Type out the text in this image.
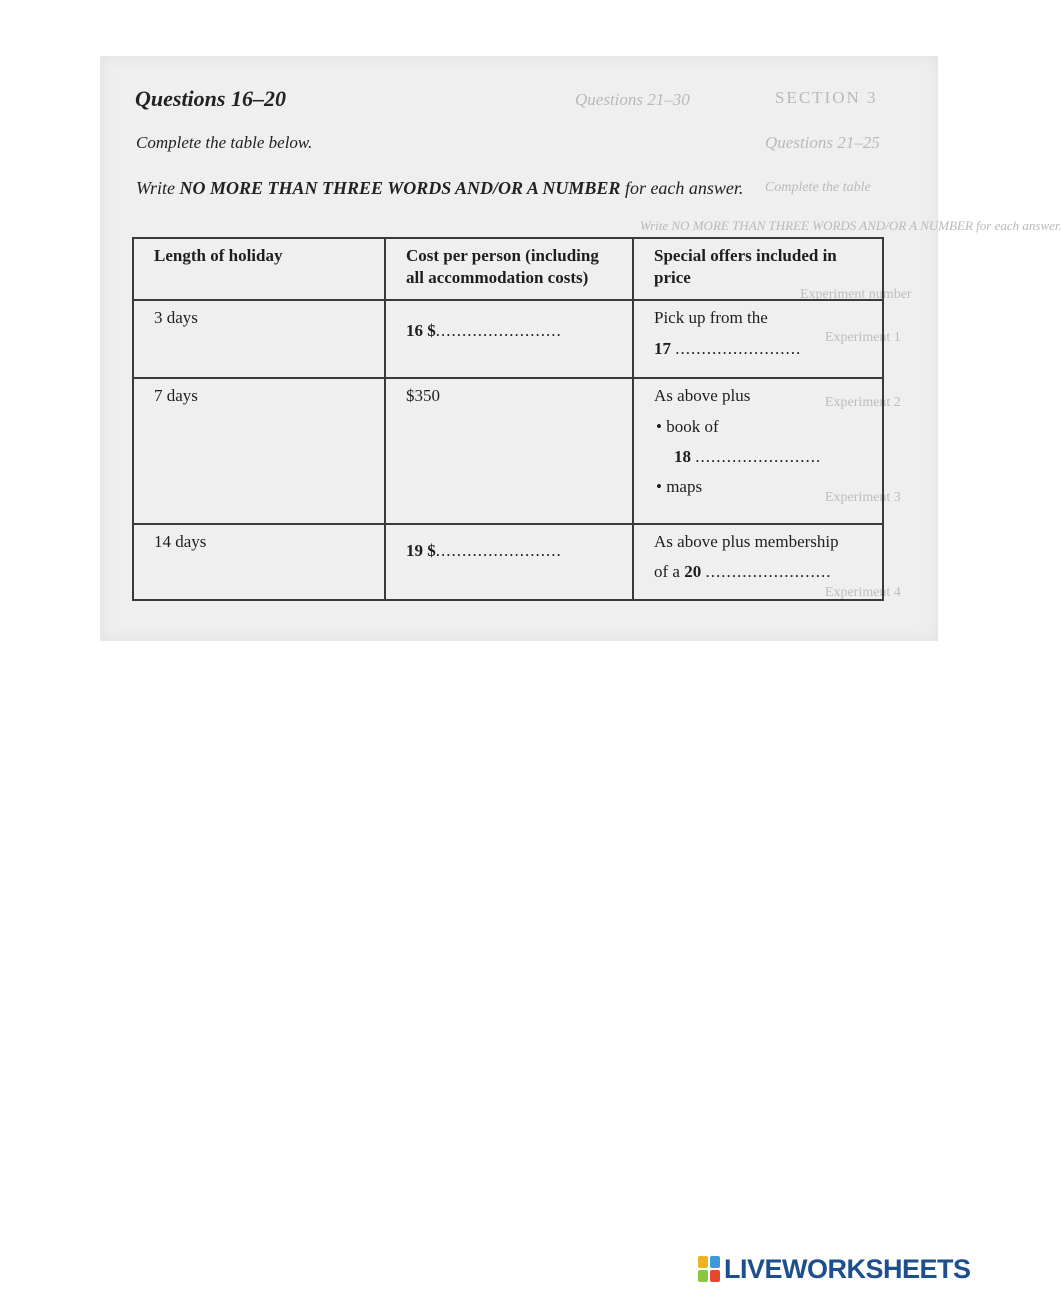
SECTION 3
Questions 21–30
Questions 21–25
Complete the table
Write NO MORE THAN THREE WORDS AND/OR A NUMBER for each answer.
Experiment number
Experiment 1
Experiment 2
Experiment 3
Experiment 4
Questions 16–20
Complete the table below.
Write NO MORE THAN THREE WORDS AND/OR A NUMBER for each answer.
Length of holiday	Cost per person (including all accommodation costs)	Special offers included in price

3 days	16 $........................	Pick up from the
17 ........................

7 days	$350	As above plus
• book of
18 ........................
• maps

14 days	19 $........................	As above plus membership
of a 20 ........................
LIVEWORKSHEETS
